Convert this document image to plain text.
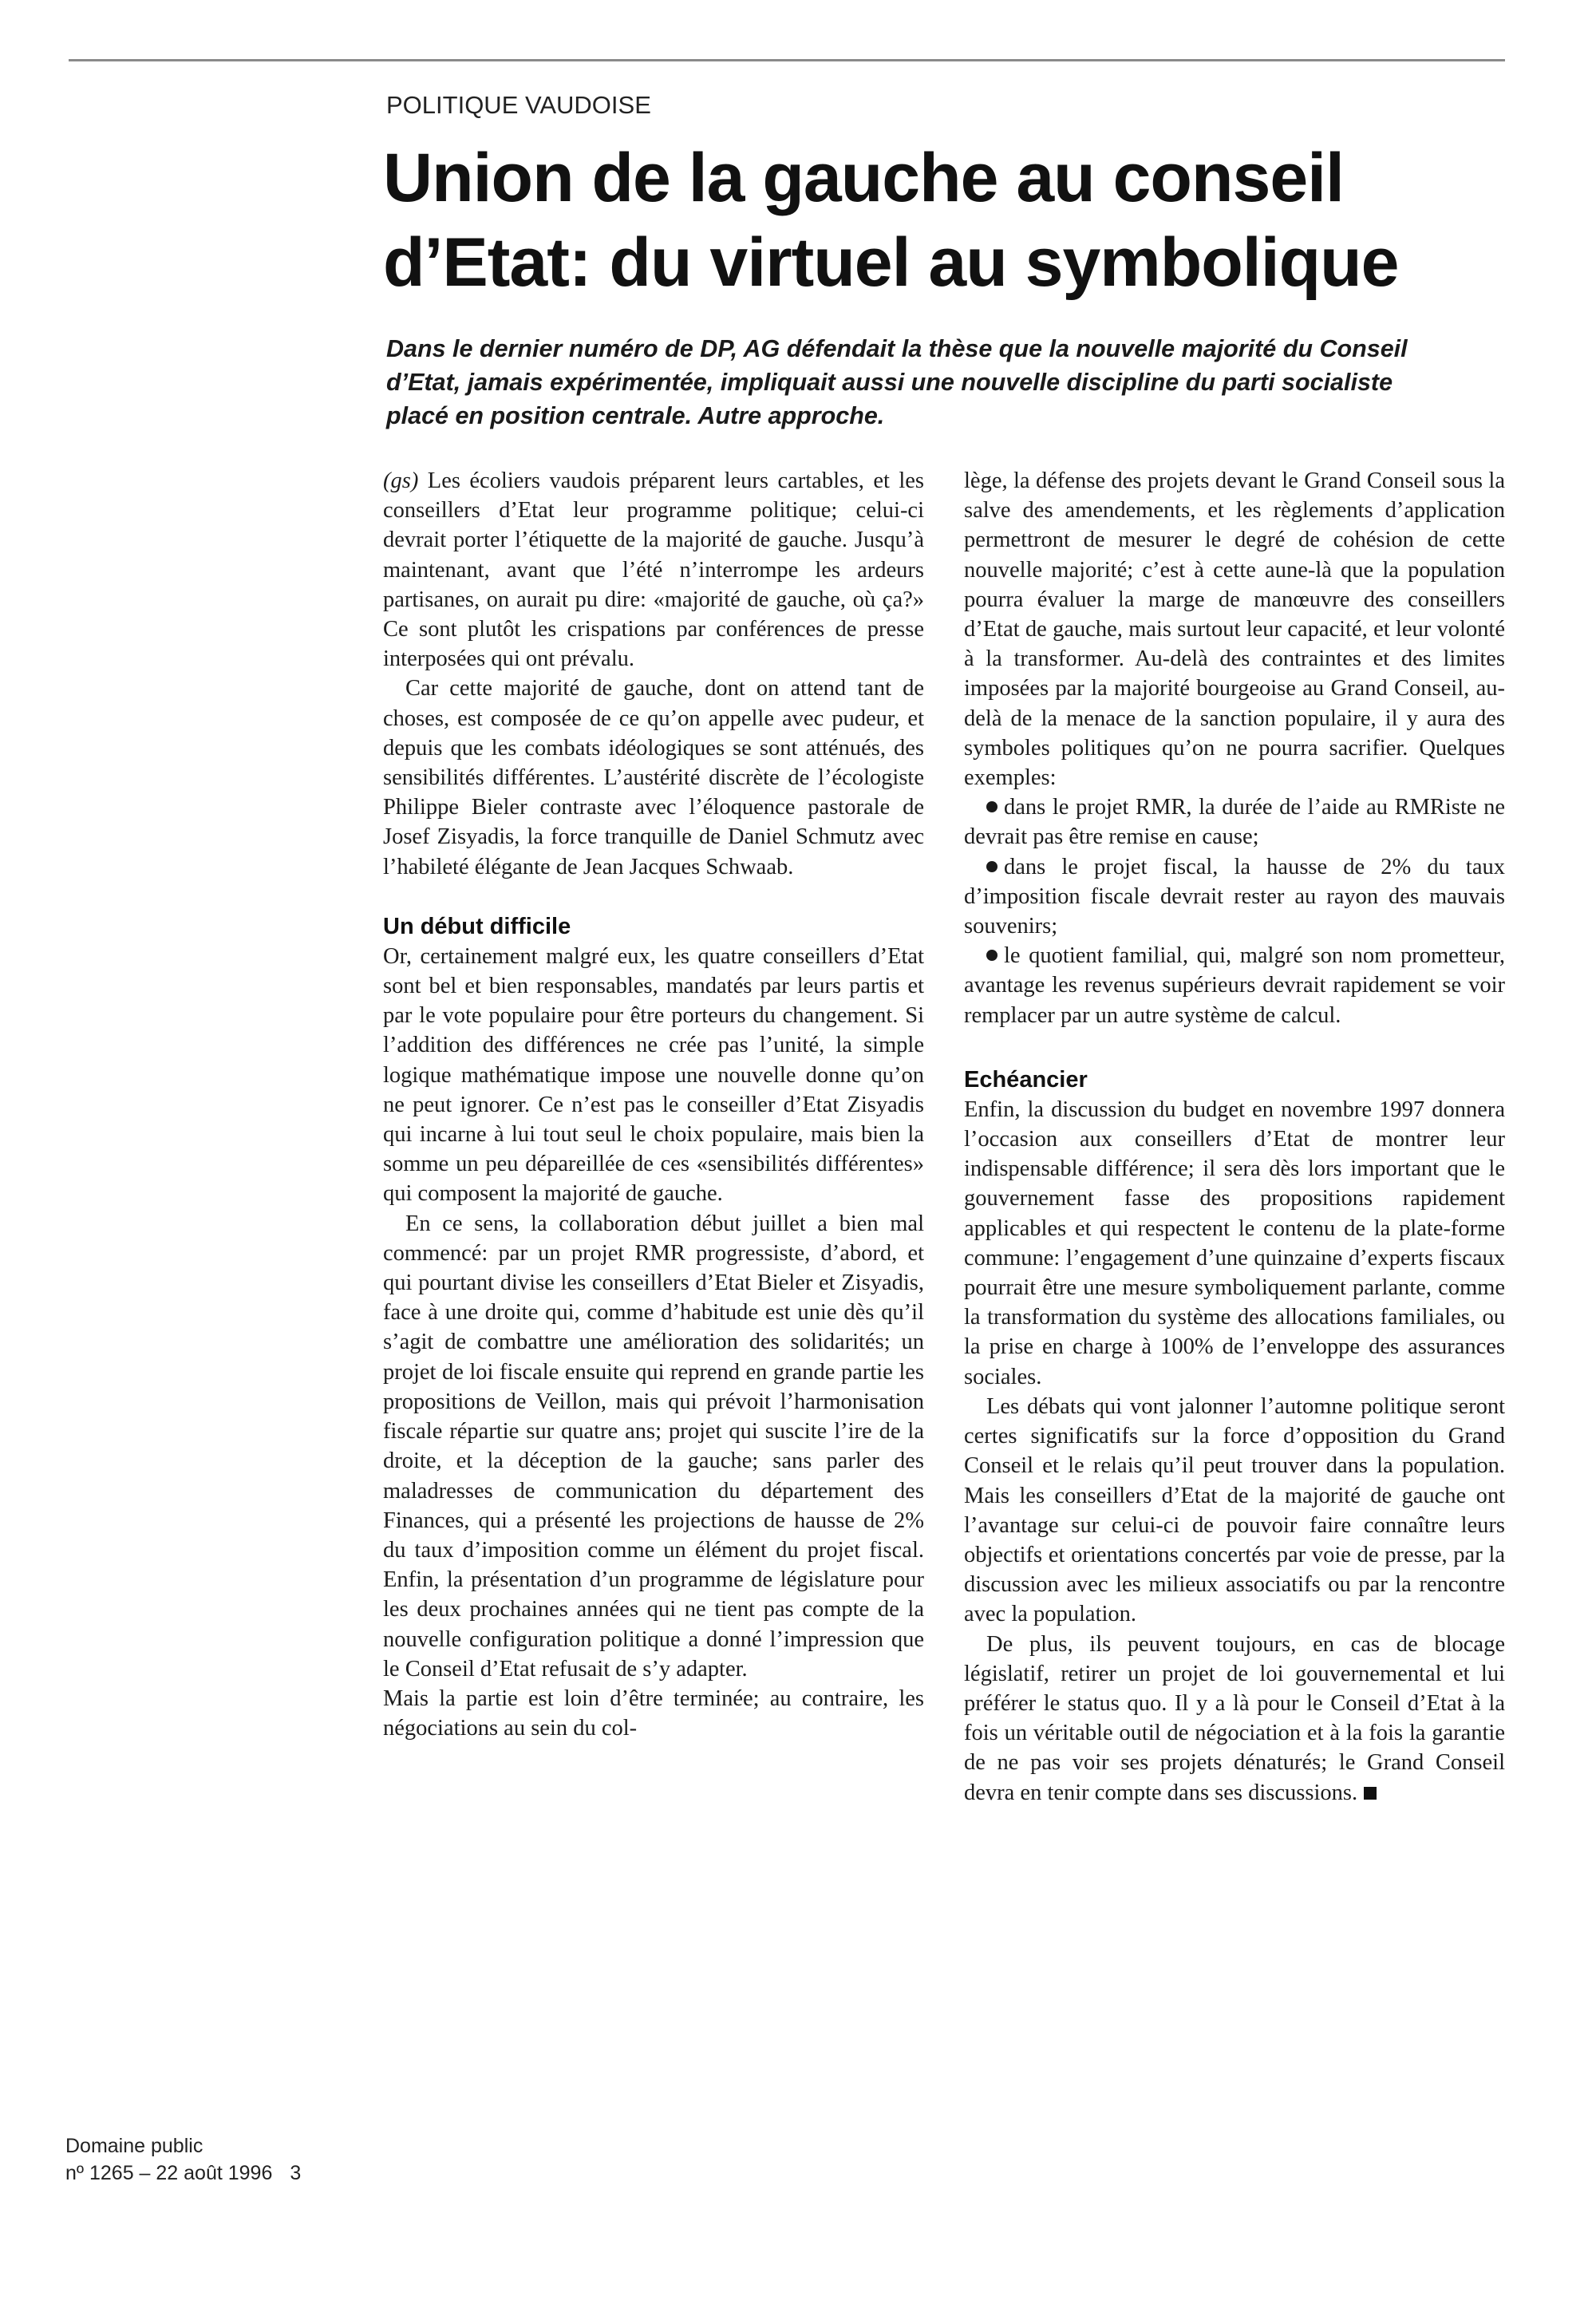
POLITIQUE VAUDOISE
Union de la gauche au conseil
d’Etat: du virtuel au symbolique
Dans le dernier numéro de DP, AG défendait la thèse que la nouvelle majorité du Conseil
d’Etat, jamais expérimentée, impliquait aussi une nouvelle discipline du parti socialiste
placé en position centrale. Autre approche.

(gs) Les écoliers vaudois préparent leurs cartables, et les conseillers d’Etat leur programme politique; celui-ci devrait porter l’étiquette de la majorité de gauche. Jusqu’à maintenant, avant que l’été n’interrompe les ardeurs partisanes, on aurait pu dire: «majorité de gauche, où ça?» Ce sont plutôt les crispations par conférences de presse interposées qui ont prévalu.

Car cette majorité de gauche, dont on attend tant de choses, est composée de ce qu’on appelle avec pudeur, et depuis que les combats idéologiques se sont atténués, des sensibilités différentes. L’austérité discrète de l’écologiste Philippe Bieler contraste avec l’éloquence pastorale de Josef Zisyadis, la force tranquille de Daniel Schmutz avec l’habileté élégante de Jean Jacques Schwaab.

Un début difficile

Or, certainement malgré eux, les quatre conseillers d’Etat sont bel et bien responsables, mandatés par leurs partis et par le vote populaire pour être porteurs du changement. Si l’addition des différences ne crée pas l’unité, la simple logique mathématique impose une nouvelle donne qu’on ne peut ignorer. Ce n’est pas le conseiller d’Etat Zisyadis qui incarne à lui tout seul le choix populaire, mais bien la somme un peu dépareillée de ces «sensibilités différentes» qui composent la majorité de gauche.

En ce sens, la collaboration début juillet a bien mal commencé: par un projet RMR progressiste, d’abord, et qui pourtant divise les conseillers d’Etat Bieler et Zisyadis, face à une droite qui, comme d’habitude est unie dès qu’il s’agit de combattre une amélioration des solidarités; un projet de loi fiscale ensuite qui reprend en grande partie les propositions de Veillon, mais qui prévoit l’harmonisation fiscale répartie sur quatre ans; projet qui suscite l’ire de la droite, et la déception de la gauche; sans parler des maladresses de communication du département des Finances, qui a présenté les projections de hausse de 2% du taux d’imposition comme un élément du projet fiscal. Enfin, la présentation d’un programme de législature pour les deux prochaines années qui ne tient pas compte de la nouvelle configuration politique a donné l’impression que le Conseil d’Etat refusait de s’y adapter.

Mais la partie est loin d’être terminée; au contraire, les négociations au sein du col-

lège, la défense des projets devant le Grand Conseil sous la salve des amendements, et les règlements d’application permettront de mesurer le degré de cohésion de cette nouvelle majorité; c’est à cette aune-là que la population pourra évaluer la marge de manœuvre des conseillers d’Etat de gauche, mais surtout leur capacité, et leur volonté à la transformer. Au-delà des contraintes et des limites imposées par la majorité bourgeoise au Grand Conseil, au-delà de la menace de la sanction populaire, il y aura des symboles politiques qu’on ne pourra sacrifier. Quelques exemples:

dans le projet RMR, la durée de l’aide au RMRiste ne devrait pas être remise en cause;

dans le projet fiscal, la hausse de 2% du taux d’imposition fiscale devrait rester au rayon des mauvais souvenirs;

le quotient familial, qui, malgré son nom prometteur, avantage les revenus supérieurs devrait rapidement se voir remplacer par un autre système de calcul.

Echéancier

Enfin, la discussion du budget en novembre 1997 donnera l’occasion aux conseillers d’Etat de montrer leur indispensable différence; il sera dès lors important que le gouvernement fasse des propositions rapidement applicables et qui respectent le contenu de la plate-forme commune: l’engagement d’une quinzaine d’experts fiscaux pourrait être une mesure symboliquement parlante, comme la transformation du système des allocations familiales, ou la prise en charge à 100% de l’enveloppe des assurances sociales.

Les débats qui vont jalonner l’automne politique seront certes significatifs sur la force d’opposition du Grand Conseil et le relais qu’il peut trouver dans la population. Mais les conseillers d’Etat de la majorité de gauche ont l’avantage sur celui-ci de pouvoir faire connaître leurs objectifs et orientations concertés par voie de presse, par la discussion avec les milieux associatifs ou par la rencontre avec la population.

De plus, ils peuvent toujours, en cas de blocage législatif, retirer un projet de loi gouvernemental et lui préférer le status quo. Il y a là pour le Conseil d’Etat à la fois un véritable outil de négociation et à la fois la garantie de ne pas voir ses projets dénaturés; le Grand Conseil devra en tenir compte dans ses discussions.

Domaine public
nº 1265 – 22 août 1996 3
